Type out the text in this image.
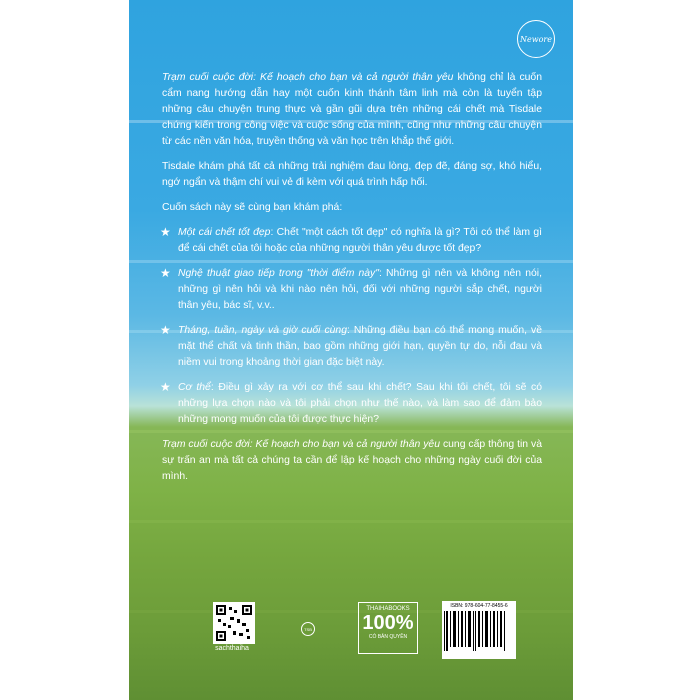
Newore

Trạm cuối cuộc đời: Kế hoạch cho bạn và cả người thân yêu không chỉ là cuốn cẩm nang hướng dẫn hay một cuốn kinh thánh tâm linh mà còn là tuyển tập những câu chuyện trung thực và gần gũi dựa trên những cái chết mà Tisdale chứng kiến trong công việc và cuộc sống của mình, cũng như những câu chuyện từ các nền văn hóa, truyền thống và văn học trên khắp thế giới.

Tisdale khám phá tất cả những trải nghiệm đau lòng, đẹp đẽ, đáng sợ, khó hiểu, ngớ ngẩn và thậm chí vui vẻ đi kèm với quá trình hấp hối.

Cuốn sách này sẽ cùng bạn khám phá:

★ Một cái chết tốt đẹp: Chết "một cách tốt đẹp" có nghĩa là gì? Tôi có thể làm gì để cái chết của tôi hoặc của những người thân yêu được tốt đẹp?
★ Nghệ thuật giao tiếp trong "thời điểm này": Những gì nên và không nên nói, những gì nên hỏi và khi nào nên hỏi, đối với những người sắp chết, người thân yêu, bác sĩ, v.v..
★ Tháng, tuần, ngày và giờ cuối cùng: Những điều bạn có thể mong muốn, về mặt thể chất và tinh thần, bao gồm những giới hạn, quyền tự do, nỗi đau và niềm vui trong khoảng thời gian đặc biệt này.
★ Cơ thể: Điều gì xảy ra với cơ thể sau khi chết? Sau khi tôi chết, tôi sẽ có những lựa chọn nào và tôi phải chọn như thế nào, và làm sao để đảm bảo những mong muốn của tôi được thực hiện?

Trạm cuối cuộc đời: Kế hoạch cho bạn và cả người thân yêu cung cấp thông tin và sự trấn an mà tất cả chúng ta cần để lập kế hoạch cho những ngày cuối đời của mình.

sachthaiha
TSB
THAIHABOOKS
100%
CÓ BẢN QUYỀN
ISBN: 978-604-77-8455-6
